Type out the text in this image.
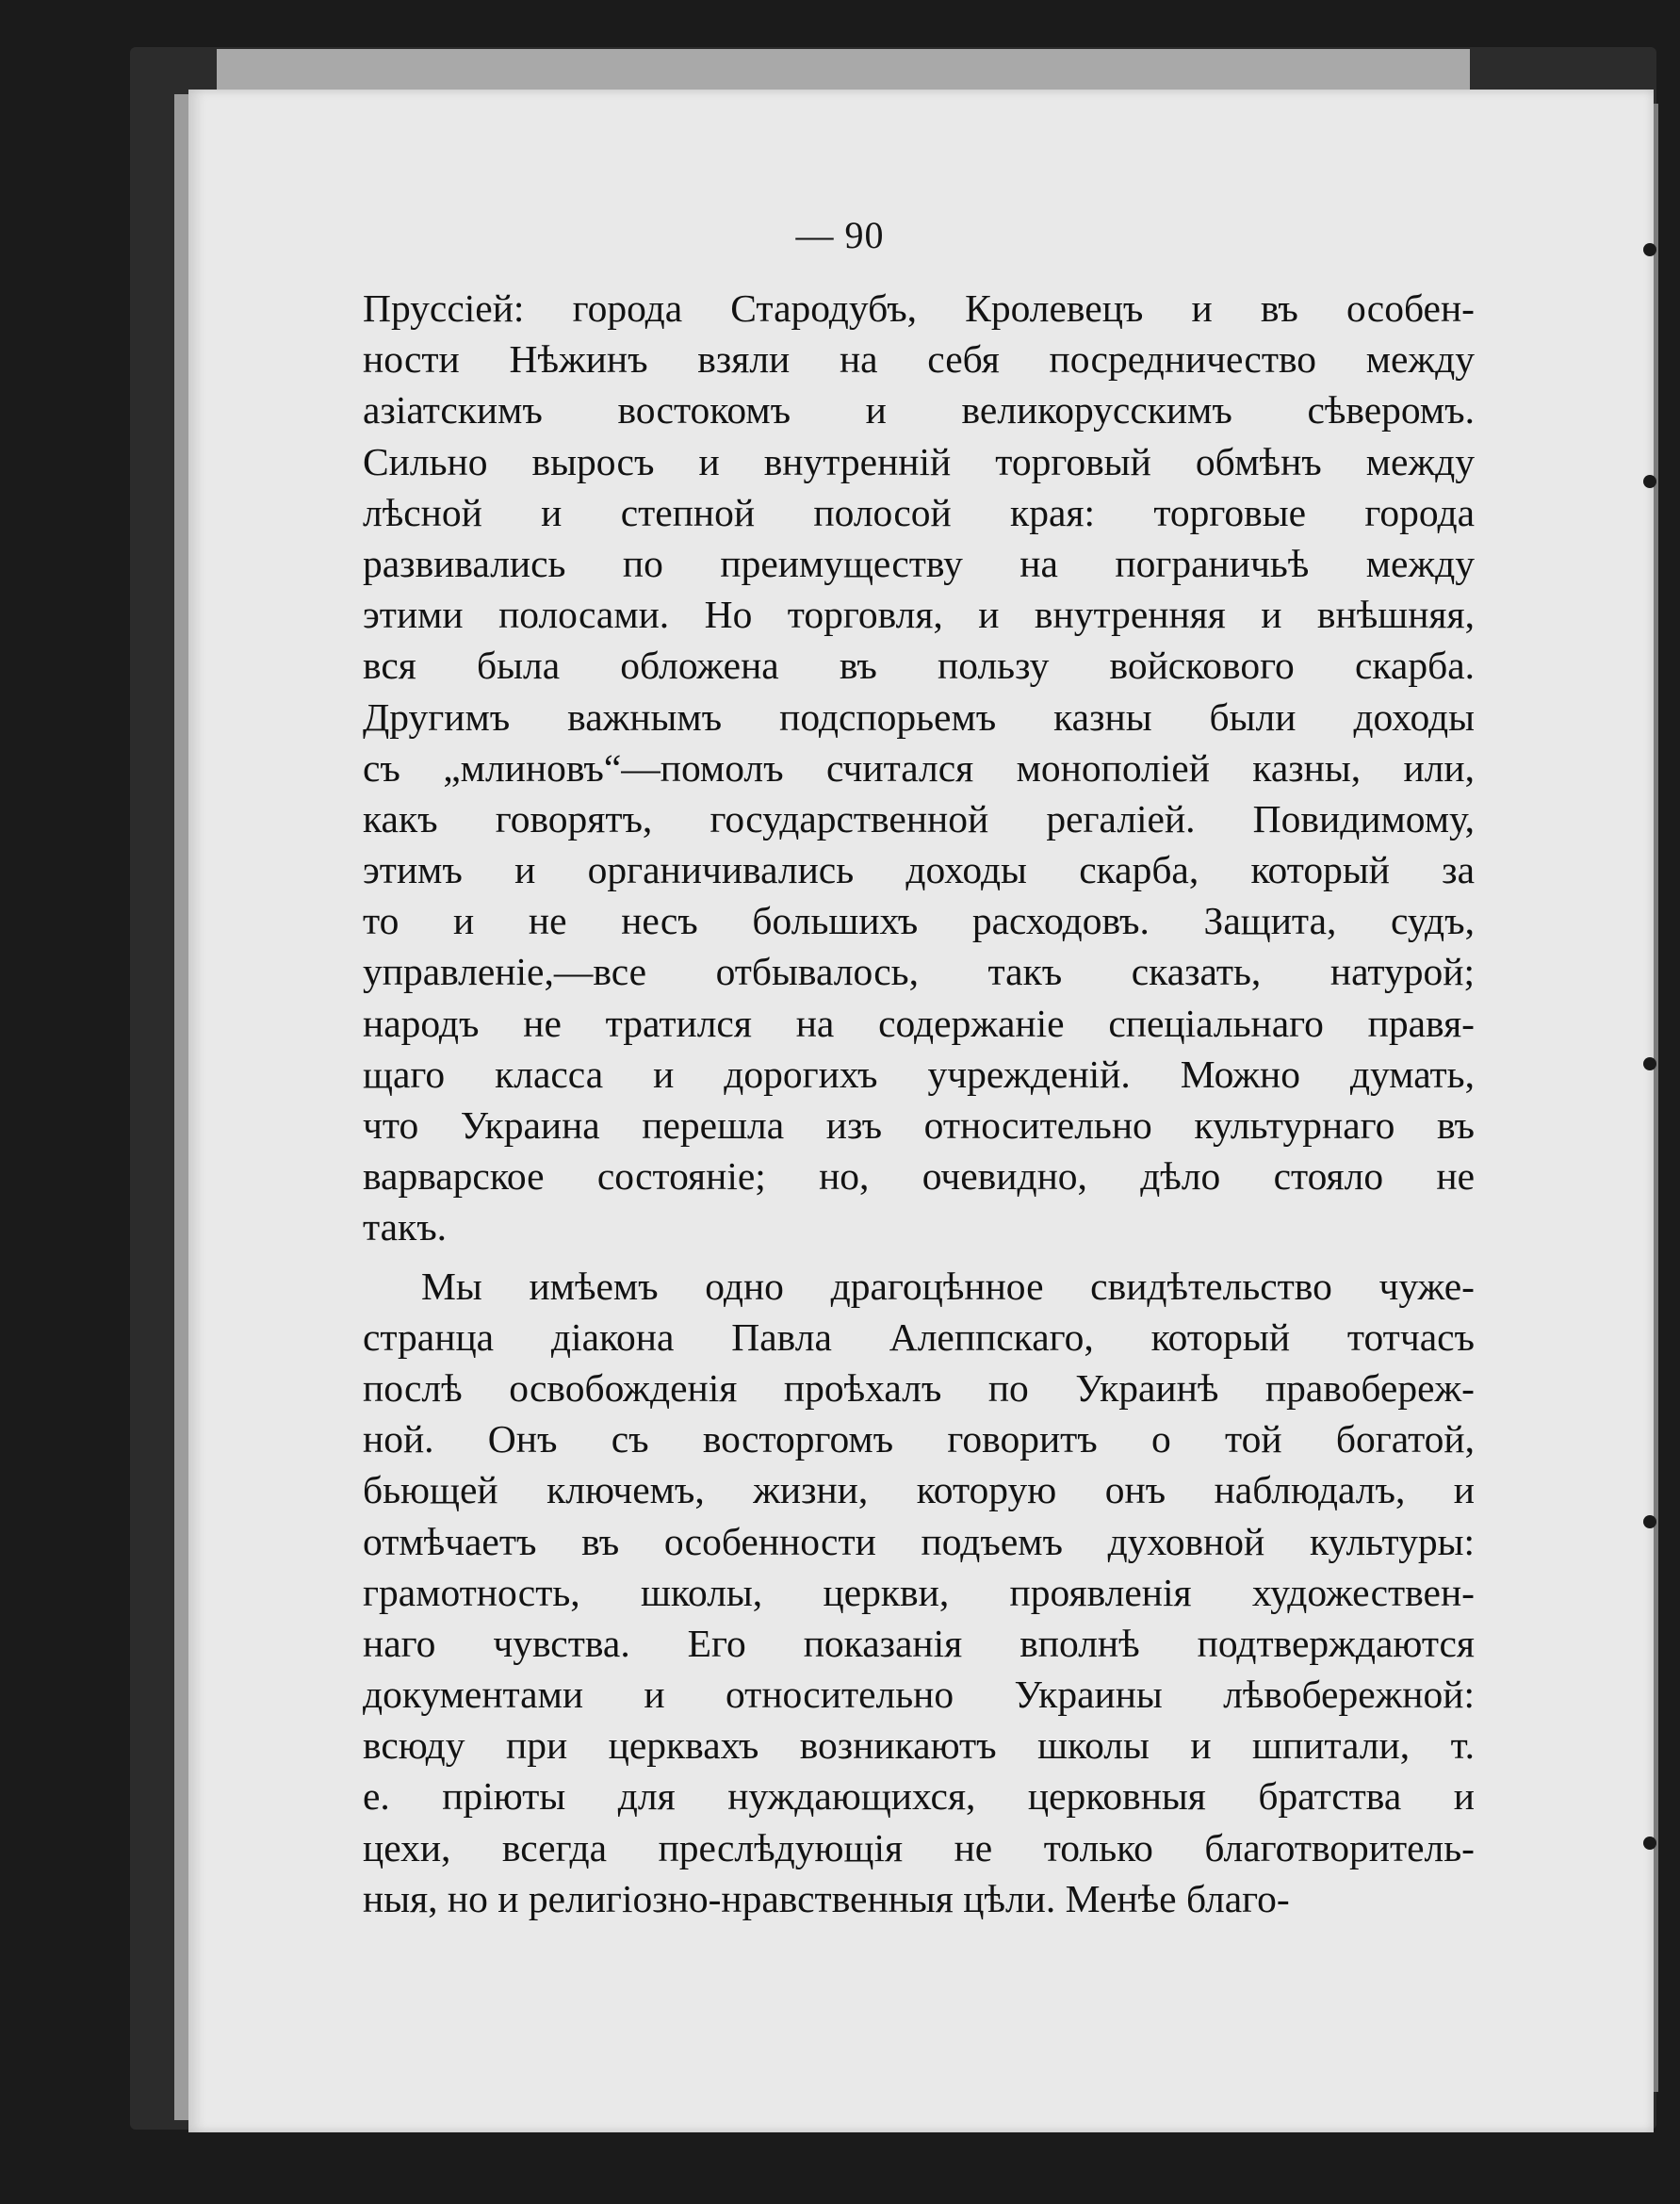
— 90
Пруссіей: города Стародубъ, Кролевецъ и въ особен-
ности Нѣжинъ взяли на себя посредничество между
азіатскимъ востокомъ и великорусскимъ сѣверомъ.
Сильно выросъ и внутренній торговый обмѣнъ между
лѣсной и степной полосой края: торговые города
развивались по преимуществу на пограничьѣ между
этими полосами. Но торговля, и внутренняя и внѣшняя,
вся была обложена въ пользу войскового скарба.
Другимъ важнымъ подспорьемъ казны были доходы
съ „млиновъ“—помолъ считался монополіей казны, или,
какъ говорятъ, государственной регаліей. Повидимому,
этимъ и органичивались доходы скарба, который за
то и не несъ большихъ расходовъ. Защита, судъ,
управленіе,—все отбывалось, такъ сказать, натурой;
народъ не тратился на содержаніе спеціальнаго правя-
щаго класса и дорогихъ учрежденій. Можно думать,
что Украина перешла изъ относительно культурнаго въ
варварское состояніе; но, очевидно, дѣло стояло не
такъ.
Мы имѣемъ одно драгоцѣнное свидѣтельство чуже-
странца діакона Павла Алеппскаго, который тотчасъ
послѣ освобожденія проѣхалъ по Украинѣ правобереж-
ной. Онъ съ восторгомъ говоритъ о той богатой,
бьющей ключемъ, жизни, которую онъ наблюдалъ, и
отмѣчаетъ въ особенности подъемъ духовной культуры:
грамотность, школы, церкви, проявленія художествен-
наго чувства. Его показанія вполнѣ подтверждаются
документами и относительно Украины лѣвобережной:
всюду при церквахъ возникаютъ школы и шпитали, т.
е. пріюты для нуждающихся, церковныя братства и
цехи, всегда преслѣдующія не только благотворитель-
ныя, но и религіозно-нравственныя цѣли. Менѣе благо-
